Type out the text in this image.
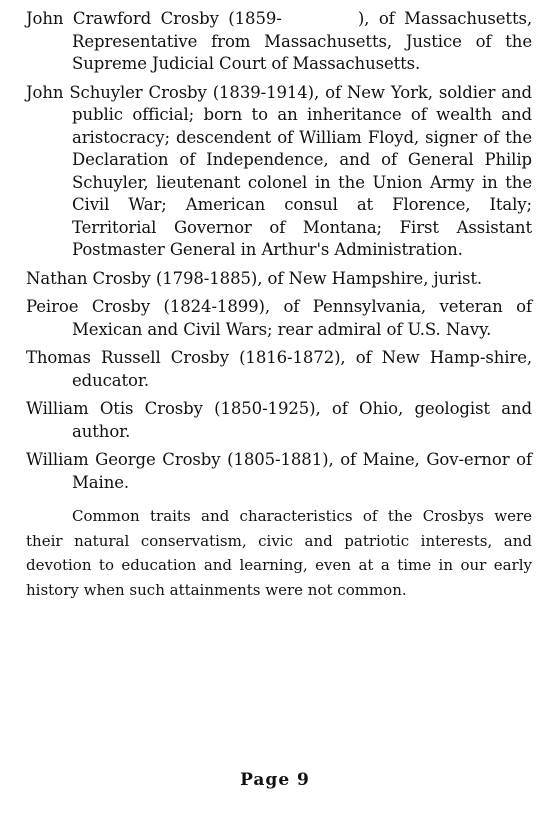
John Crawford Crosby (1859-        ), of Massachusetts, Representative from Massachusetts, Justice of the Supreme Judicial Court of Massachusetts.

John Schuyler Crosby (1839-1914), of New York, soldier and public official; born to an inheritance of wealth and aristocracy; descendent of William Floyd, signer of the Declaration of Independence, and of General Philip Schuyler, lieutenant colonel in the Union Army in the Civil War; American consul at Florence, Italy; Territorial Governor of Montana; First Assistant Postmaster General in Arthur's Administration.

Nathan Crosby (1798-1885), of New Hampshire, jurist.

Peiroe Crosby (1824-1899), of Pennsylvania, veteran of Mexican and Civil Wars; rear admiral of U.S. Navy.

Thomas Russell Crosby (1816-1872), of New Hamp-shire, educator.

William Otis Crosby (1850-1925), of Ohio, geologist and author.

William George Crosby (1805-1881), of Maine, Gov-ernor of Maine.

Common traits and characteristics of the Crosbys were their natural conservatism, civic and patriotic interests, and devotion to education and learning, even at a time in our early history when such attainments were not common.

Page 9
